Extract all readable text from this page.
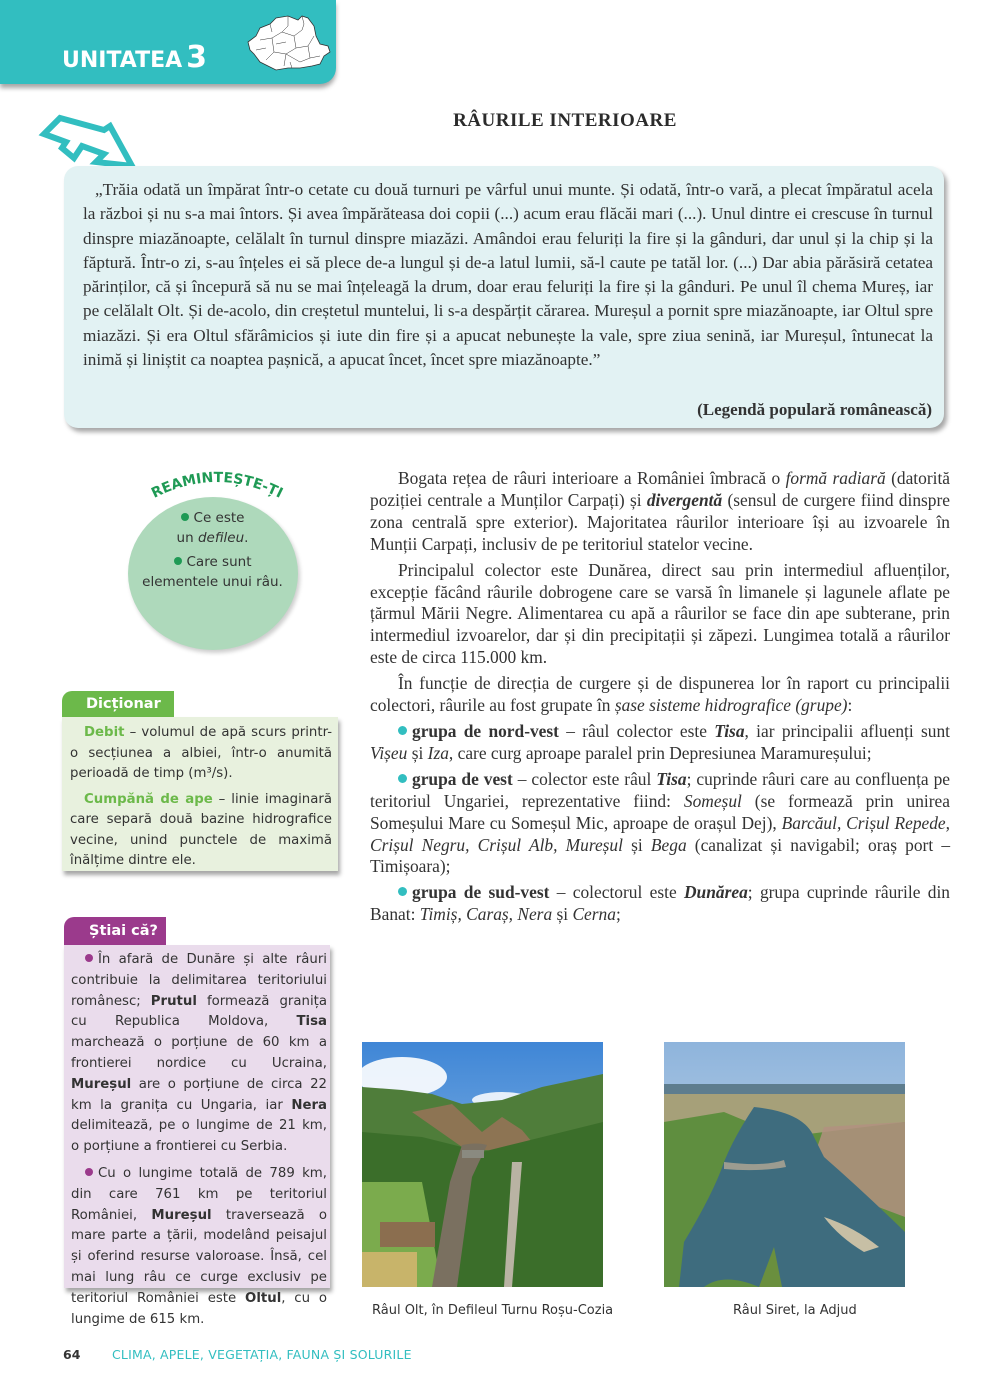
UNITATEA 3
RÂURILE INTERIOARE

„Trăia odată un împărat într-o cetate cu două turnuri pe vârful unui munte. Și odată, într-o vară, a plecat împăratul acela la război și nu s-a mai întors. Și avea împărăteasa doi copii (...) acum erau flăcăi mari (...). Unul dintre ei crescuse în turnul dinspre miazănoapte, celălalt în turnul dinspre miazăzi. Amândoi erau feluriți la fire și la gânduri, dar unul și la chip și la făptură. Într-o zi, s-au înțeles ei să plece de-a lungul și de-a latul lumii, să-l caute pe tatăl lor. (...) Dar abia părăsiră cetatea părinților, că și începură să nu se mai înțeleagă la drum, doar erau feluriți la fire și la gânduri. Pe unul îl chema Mureș, iar pe celălalt Olt. Și de-acolo, din creștetul muntelui, li s-a despărțit cărarea. Mureșul a pornit spre miazănoapte, iar Oltul spre miazăzi. Și era Oltul sfărâmicios și iute din fire și a apucat nebunește la vale, spre ziua senină, iar Mureșul, întunecat la inimă și liniștit ca noaptea pașnică, a apucat încet, încet spre miazănoapte.”

(Legendă populară românească)
REAMINTEȘTE-ȚI

Ce este
un defileu.

Care sunt elementele unui râu.

Dicționar

Debit – volumul de apă scurs printr-o secțiunea a albiei, într-o anumită perioadă de timp (m³/s).

Cumpănă de ape – linie imaginară care separă două bazine hidrografice vecine, unind punctele de maximă înălțime dintre ele.

Știai că?

În afară de Dunăre și alte râuri contribuie la delimitarea teritoriului românesc; Prutul formează granița cu Republica Moldova, Tisa marchează o porțiune de 60 km a frontierei nordice cu Ucraina, Mureșul are o porțiune de circa 22 km la granița cu Ungaria, iar Nera delimitează, pe o lungime de 21 km, o porțiune a frontierei cu Serbia.

Cu o lungime totală de 789 km, din care 761 km pe teritoriul României, Mureșul traversează o mare parte a țării, modelând peisajul și oferind resurse valoroase. Însă, cel mai lung râu ce curge exclusiv pe teritoriul României este Oltul, cu o lungime de 615 km.

Bogata rețea de râuri interioare a României îmbracă o formă radiară (datorită poziției centrale a Munților Carpați) și divergentă (sensul de curgere fiind dinspre zona centrală spre exterior). Majoritatea râurilor interioare își au izvoarele în Munții Carpați, inclusiv de pe teritoriul statelor vecine.

Principalul colector este Dunărea, direct sau prin intermediul afluenților, excepție făcând râurile dobrogene care se varsă în limanele și lagunele aflate pe țărmul Mării Negre. Alimentarea cu apă a râurilor se face din ape subterane, prin intermediul izvoarelor, dar și din precipitații și zăpezi. Lungimea totală a râurilor este de circa 115.000 km.

În funcție de direcția de curgere și de dispunerea lor în raport cu principalii colectori, râurile au fost grupate în șase sisteme hidrografice (grupe):

grupa de nord-vest – râul colector este Tisa, iar principalii afluenți sunt Vișeu și Iza, care curg aproape paralel prin Depresiunea Maramureșului;

grupa de vest – colector este râul Tisa; cuprinde râuri care au confluența pe teritoriul Ungariei, reprezentative fiind: Someșul (se formează prin unirea Someșului Mare cu Someșul Mic, aproape de orașul Dej), Barcăul, Crișul Repede, Crișul Negru, Crișul Alb, Mureșul și Bega (canalizat și navigabil; oraș port – Timișoara);

grupa de sud-vest – colectorul este Dunărea; grupa cuprinde râurile din Banat: Timiș, Caraș, Nera și Cerna;

Râul Olt, în Defileul Turnu Roșu-Cozia	Râul Siret, la Adjud
64	CLIMA, APELE, VEGETAȚIA, FAUNA ȘI SOLURILE
